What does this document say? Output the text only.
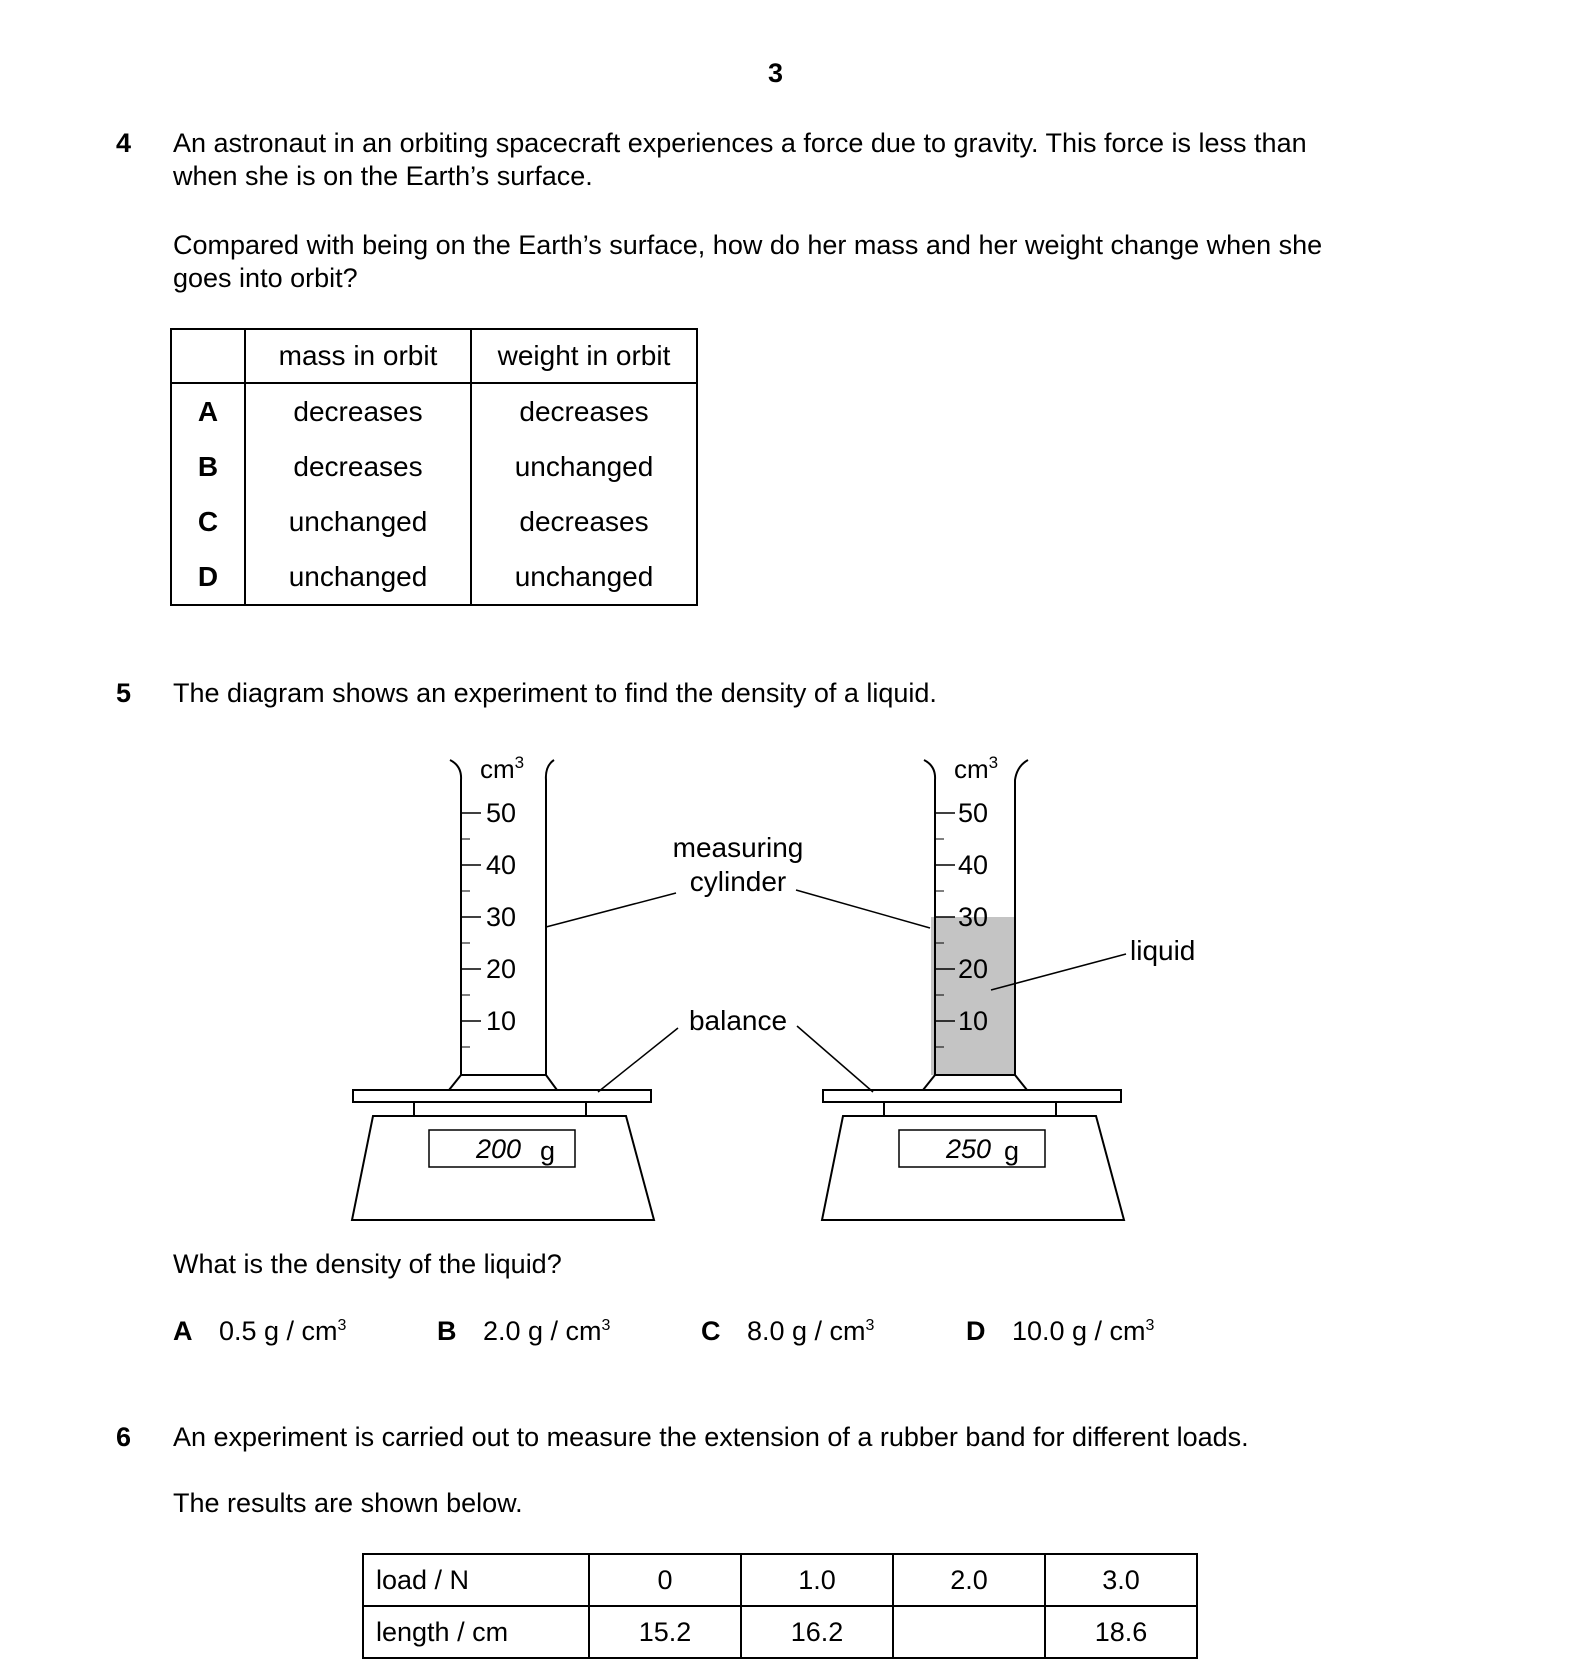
3
4 An astronaut in an orbiting spacecraft experiences a force due to gravity. This force is less than
when she is on the Earth’s surface.
Compared with being on the Earth’s surface, how do her mass and her weight change when she
goes into orbit?
	mass in orbit	weight in orbit
A	decreases	decreases
B	decreases	unchanged
C	unchanged	decreases
D	unchanged	unchanged
5 The diagram shows an experiment to find the density of a liquid.
$cm^3$
50
40
30
20
10
200 g
$cm^3$
50
40
30
20
10
250 g
measuring
cylinder
balance
liquid
What is the density of the liquid?
A 0.5 g / $cm^3$	B 2.0 g / $cm^3$	C 8.0 g / $cm^3$	D 10.0 g / $cm^3$
6 An experiment is carried out to measure the extension of a rubber band for different loads.
The results are shown below.
load / N	0	1.0	2.0	3.0
length / cm	15.2	16.2		18.6
